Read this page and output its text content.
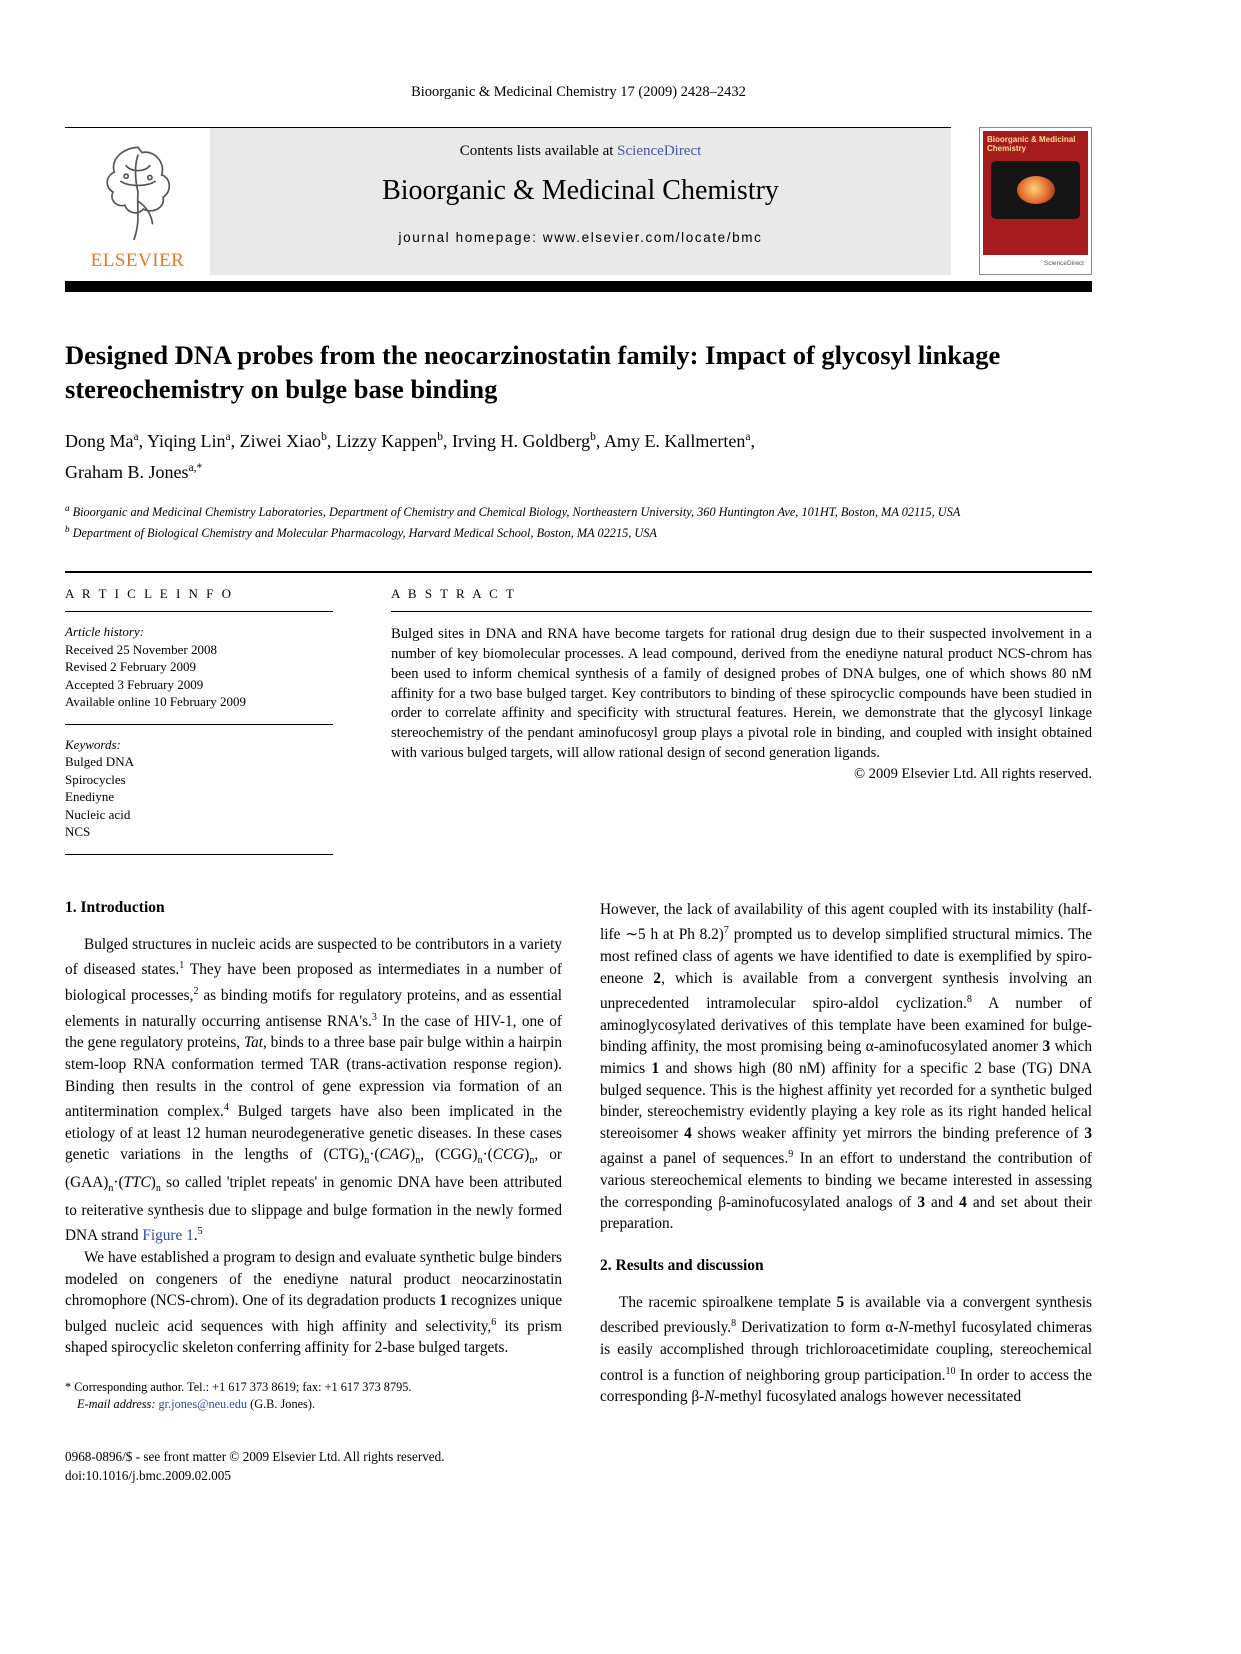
Bioorganic & Medicinal Chemistry 17 (2009) 2428–2432
ELSEVIER
Contents lists available at ScienceDirect
Bioorganic & Medicinal Chemistry
journal homepage: www.elsevier.com/locate/bmc
Bioorganic & Medicinal Chemistry
ScienceDirect
Designed DNA probes from the neocarzinostatin family: Impact of glycosyl linkage stereochemistry on bulge base binding
Dong Ma$^a$, Yiqing Lin$^a$, Ziwei Xiao$^b$, Lizzy Kappen$^b$, Irving H. Goldberg$^b$, Amy E. Kallmerten$^a$,
Graham B. Jones$^{a,*}$
$^a$ Bioorganic and Medicinal Chemistry Laboratories, Department of Chemistry and Chemical Biology, Northeastern University, 360 Huntington Ave, 101HT, Boston, MA 02115, USA
$^b$ Department of Biological Chemistry and Molecular Pharmacology, Harvard Medical School, Boston, MA 02215, USA
A R T I C L E I N F O
Article history:
Received 25 November 2008
Revised 2 February 2009
Accepted 3 February 2009
Available online 10 February 2009
Keywords:
Bulged DNA
Spirocycles
Enediyne
Nucleic acid
NCS
A B S T R A C T
Bulged sites in DNA and RNA have become targets for rational drug design due to their suspected involvement in a number of key biomolecular processes. A lead compound, derived from the enediyne natural product NCS-chrom has been used to inform chemical synthesis of a family of designed probes of DNA bulges, one of which shows 80 nM affinity for a two base bulged target. Key contributors to binding of these spirocyclic compounds have been studied in order to correlate affinity and specificity with structural features. Herein, we demonstrate that the glycosyl linkage stereochemistry of the pendant aminofucosyl group plays a pivotal role in binding, and coupled with insight obtained with various bulged targets, will allow rational design of second generation ligands.
© 2009 Elsevier Ltd. All rights reserved.
1. Introduction

Bulged structures in nucleic acids are suspected to be contributors in a variety of diseased states.$^1$ They have been proposed as intermediates in a number of biological processes,$^2$ as binding motifs for regulatory proteins, and as essential elements in naturally occurring antisense RNA's.$^3$ In the case of HIV-1, one of the gene regulatory proteins, Tat, binds to a three base pair bulge within a hairpin stem-loop RNA conformation termed TAR (trans-activation response region). Binding then results in the control of gene expression via formation of an antitermination complex.$^4$ Bulged targets have also been implicated in the etiology of at least 12 human neurodegenerative genetic diseases. In these cases genetic variations in the lengths of $(CTG)_n\cdot(CAG)_n$, $(CGG)_n\cdot(CCG)_n$, or $(GAA)_n\cdot(TTC)_n$ so called 'triplet repeats' in genomic DNA have been attributed to reiterative synthesis due to slippage and bulge formation in the newly formed DNA strand Figure 1.$^5$

We have established a program to design and evaluate synthetic bulge binders modeled on congeners of the enediyne natural product neocarzinostatin chromophore (NCS-chrom). One of its degradation products 1 recognizes unique bulged nucleic acid sequences with high affinity and selectivity,$^6$ its prism shaped spirocyclic skeleton conferring affinity for 2-base bulged targets.

* Corresponding author. Tel.: +1 617 373 8619; fax: +1 617 373 8795.
E-mail address: gr.jones@neu.edu (G.B. Jones).

However, the lack of availability of this agent coupled with its instability (half-life ∼5 h at Ph 8.2)$^7$ prompted us to develop simplified structural mimics. The most refined class of agents we have identified to date is exemplified by spiro-eneone 2, which is available from a convergent synthesis involving an unprecedented intramolecular spiro-aldol cyclization.$^8$ A number of aminoglycosylated derivatives of this template have been examined for bulge-binding affinity, the most promising being α-aminofucosylated anomer 3 which mimics 1 and shows high (80 nM) affinity for a specific 2 base (TG) DNA bulged sequence. This is the highest affinity yet recorded for a synthetic bulged binder, stereochemistry evidently playing a key role as its right handed helical stereoisomer 4 shows weaker affinity yet mirrors the binding preference of 3 against a panel of sequences.$^9$ In an effort to understand the contribution of various stereochemical elements to binding we became interested in assessing the corresponding β-aminofucosylated analogs of 3 and 4 and set about their preparation.

2. Results and discussion

The racemic spiroalkene template 5 is available via a convergent synthesis described previously.$^8$ Derivatization to form α-N-methyl fucosylated chimeras is easily accomplished through trichloroacetimidate coupling, stereochemical control is a function of neighboring group participation.$^{10}$ In order to access the corresponding β-N-methyl fucosylated analogs however necessitated

0968-0896/$ - see front matter © 2009 Elsevier Ltd. All rights reserved.
doi:10.1016/j.bmc.2009.02.005
